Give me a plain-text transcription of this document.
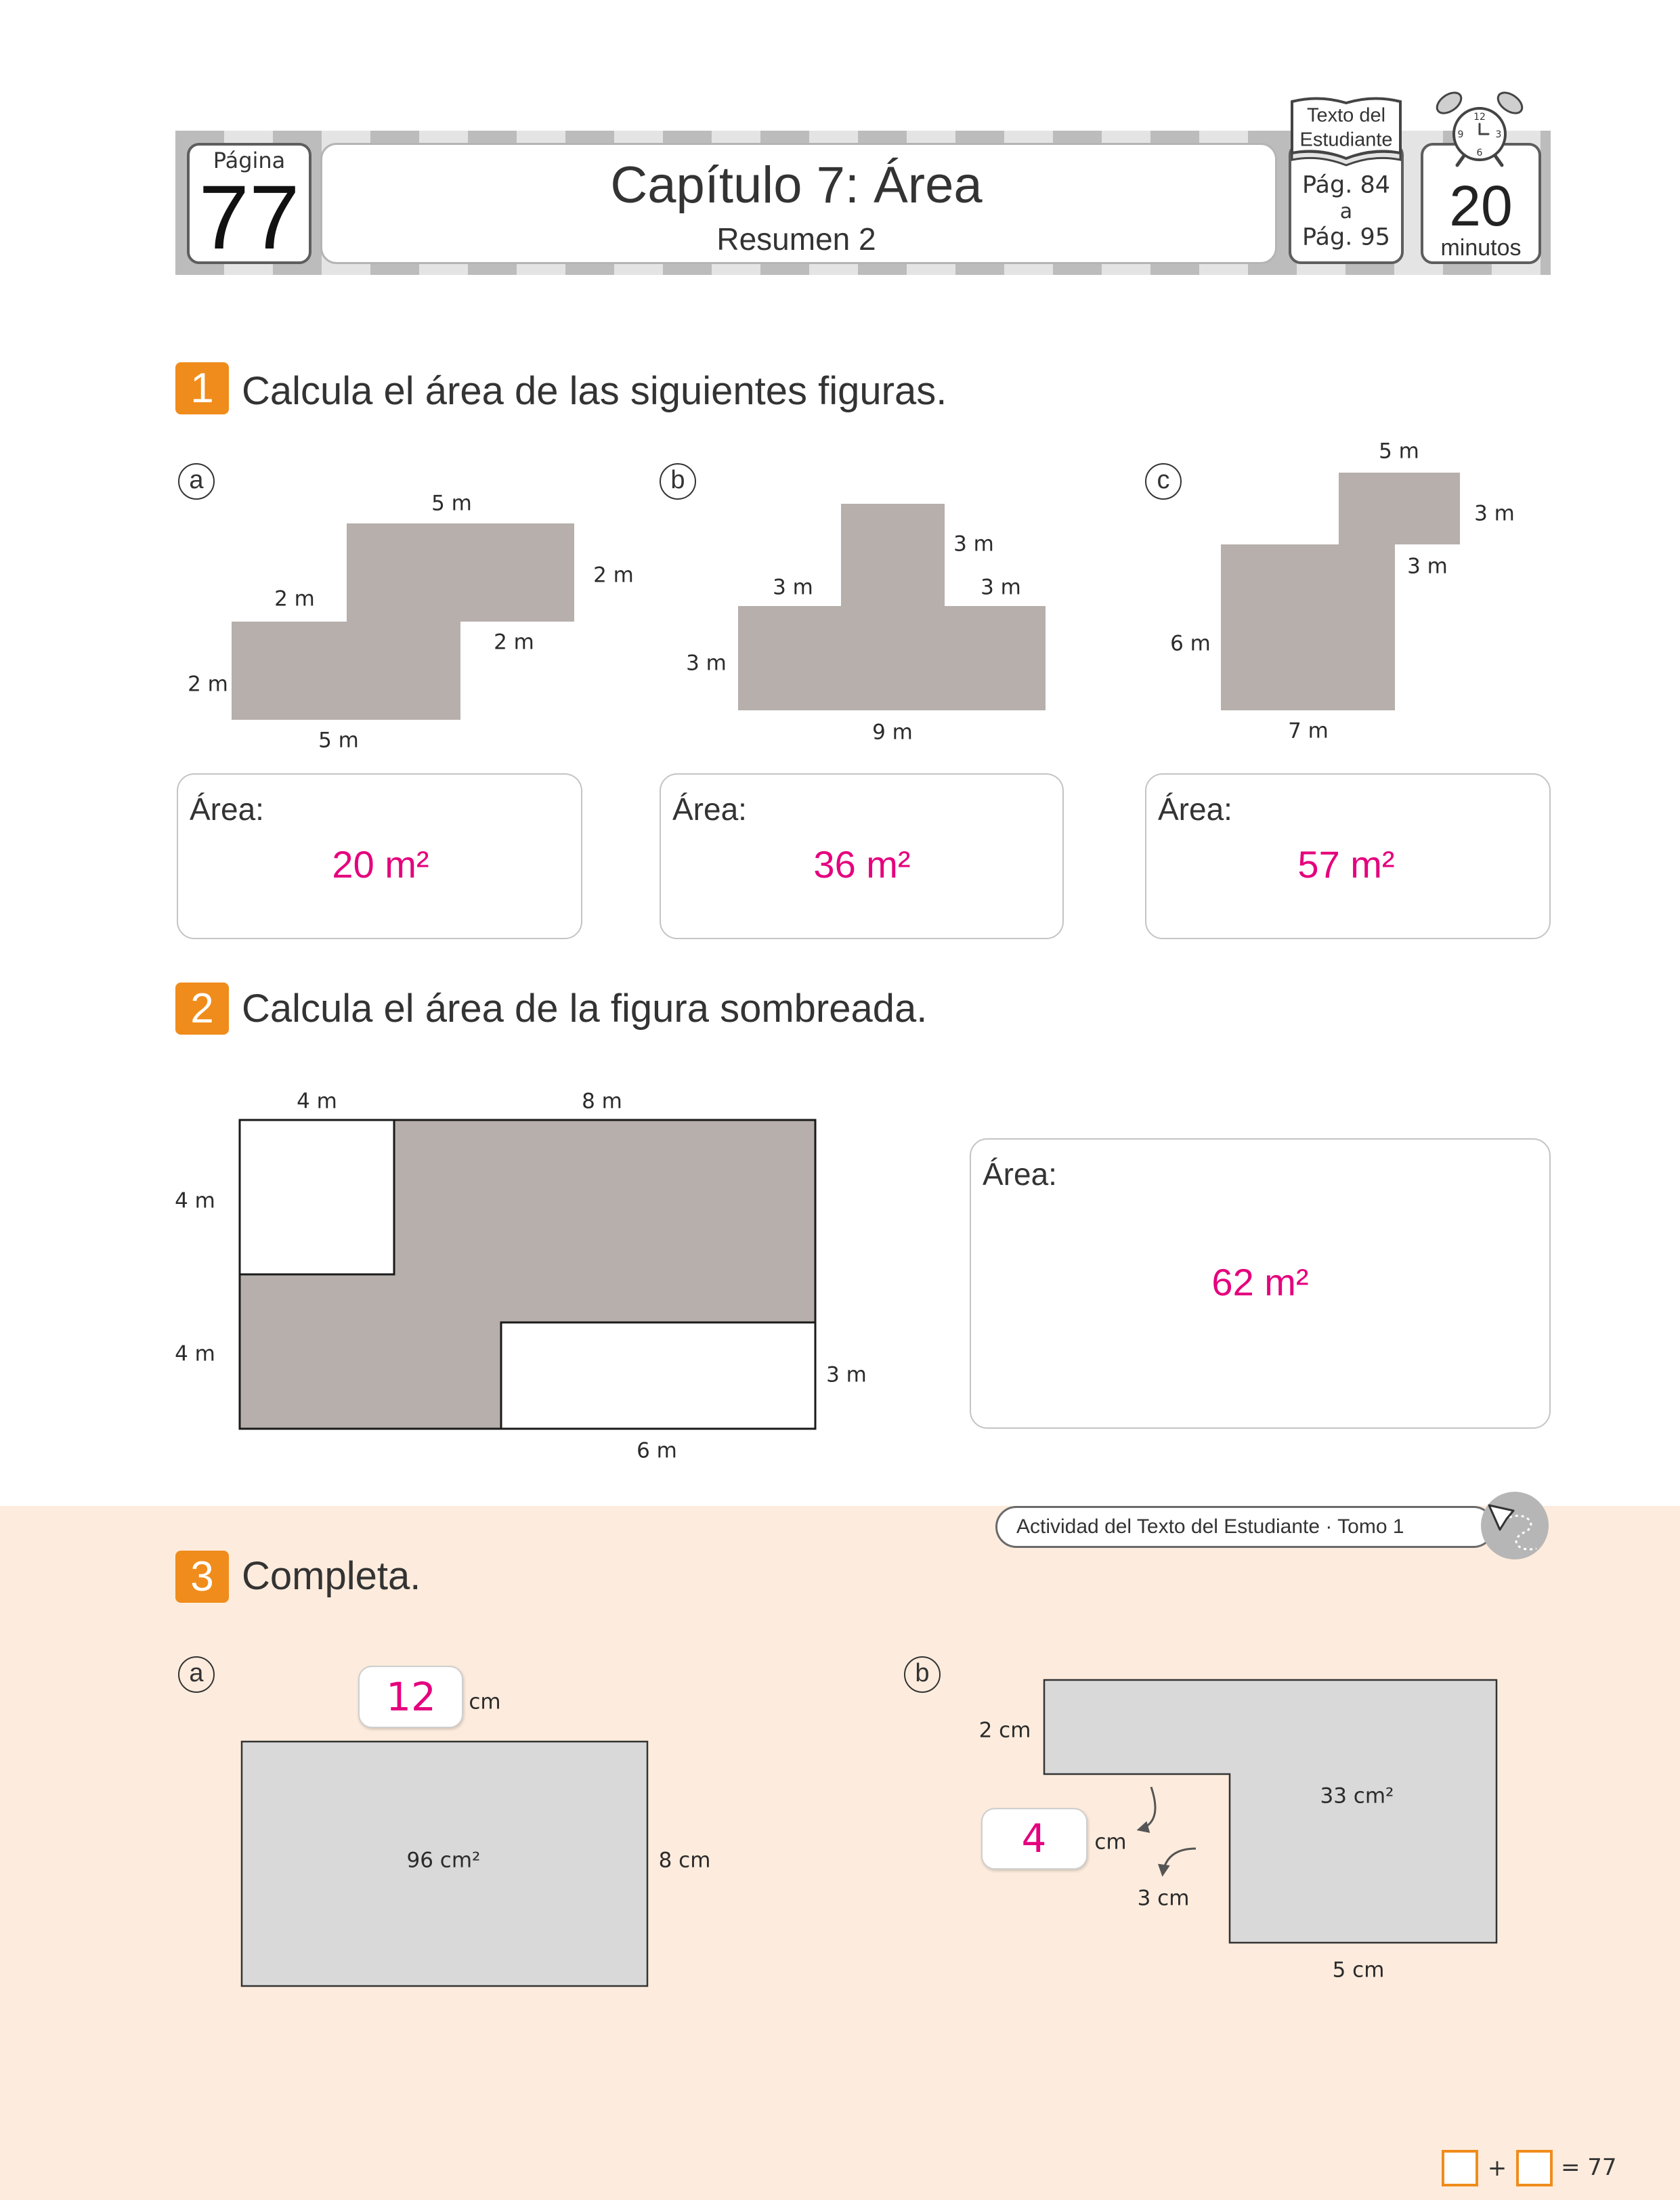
Página
77	Capítulo 7: Área
Resumen 2
Texto del
Estudiante
Pág. 84
a
Pág. 95
12
3
6
9
20
minutos
1 Calcula el área de las siguientes figuras.
a
5 m
2 m
2 m
2 m
2 m
5 m
b
3 m
3 m	3 m
3 m
9 m
c
5 m
3 m
3 m
6 m
7 m
Área:
20 m²
Área:
36 m²
Área:
57 m²
2 Calcula el área de la figura sombreada.
4 m	8 m
4 m
4 m
3 m
6 m
Área:
62 m²
Actividad del Texto del Estudiante · Tomo 1
3 Completa.
a
12 cm
96 cm²	8 cm
b
2 cm
33 cm²
4 cm
3 cm
5 cm
+ = 77
